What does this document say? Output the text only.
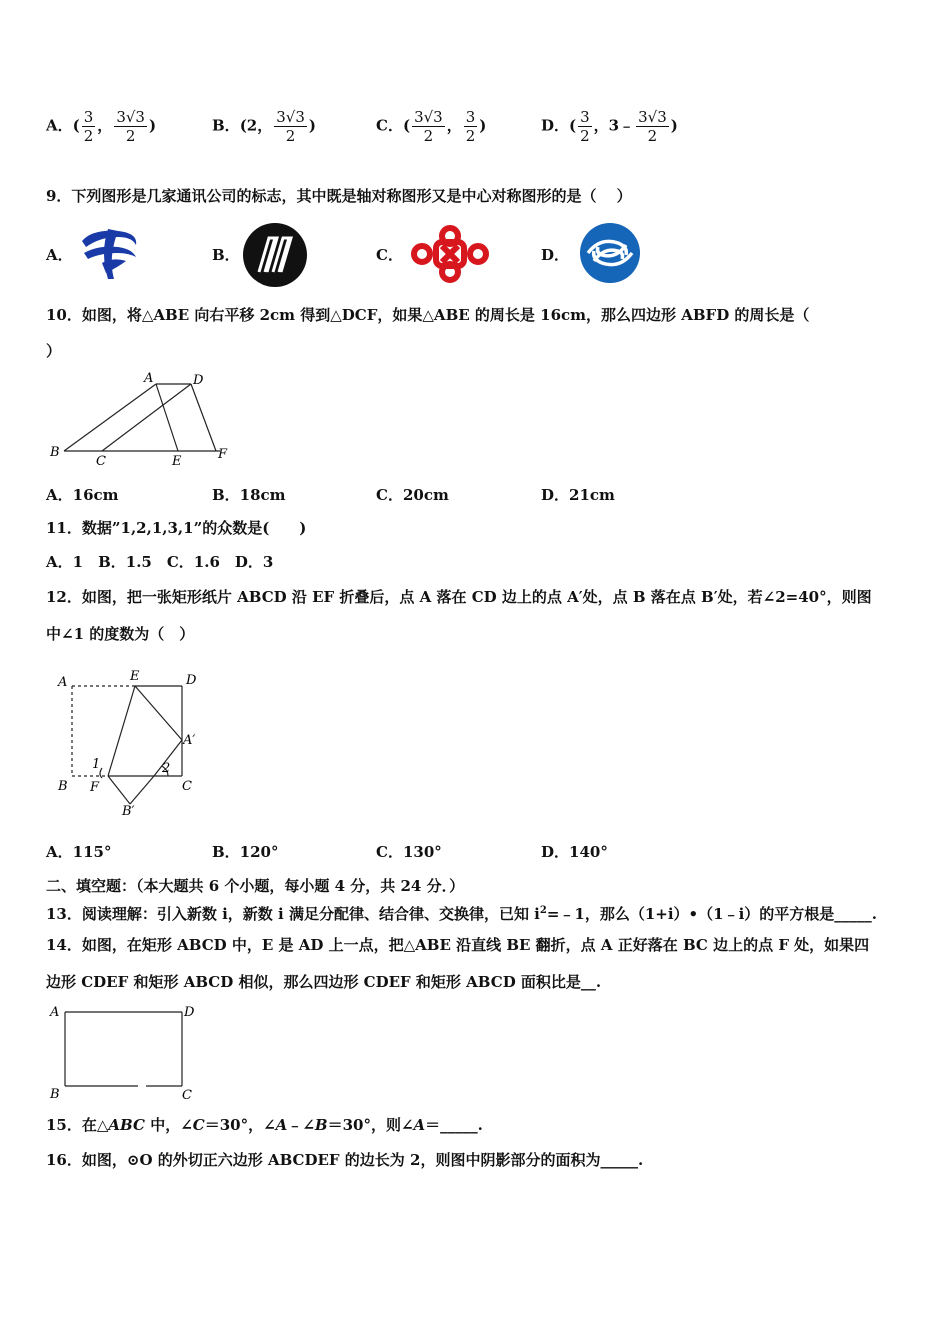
A．( $\frac{3}{2}$ ， $\frac{3√3}{2}$ )	B．(2， $\frac{3√3}{2}$ )	C．( $\frac{3√3}{2}$ ， $\frac{3}{2}$ )	D．( $\frac{3}{2}$ ，3﹣ $\frac{3√3}{2}$ )
9．下列图形是几家通讯公司的标志，其中既是轴对称图形又是中心对称图形的是（　 ）
A．	B．	C．	D．
10．如图，将△ABE 向右平移 2cm 得到△DCF，如果△ABE 的周长是 16cm，那么四边形 ABFD 的周长是（
）
A	D
B
C	E	F
A．16cm	B．18cm	C．20cm	D．21cm
11．数据”1,2,1,3,1”的众数是(　　)
A．1　B．1.5　C．1.6　D．3
12．如图，把一张矩形纸片 ABCD 沿 EF 折叠后，点 A 落在 CD 边上的点 A′处，点 B 落在点 B′处，若∠2=40°，则图
中∠1 的度数为（　）
A	E	D
A′
1	2
B F	C
B′
A．115°	B．120°	C．130°	D．140°
二、填空题：（本大题共 6 个小题，每小题 4 分，共 24 分．）
13．阅读理解：引入新数 i，新数 i 满足分配律、结合律、交换律，已知 $i^2=﹣1$，那么（1+i）•（1﹣i）的平方根是_____.
14．如图，在矩形 ABCD 中，E 是 AD 上一点，把△ABE 沿直线 BE 翻折，点 A 正好落在 BC 边上的点 F 处，如果四
边形 CDEF 和矩形 ABCD 相似，那么四边形 CDEF 和矩形 ABCD 面积比是__.
A	D
B	C
15．在△ABC 中，∠C＝30°，∠A﹣∠B＝30°，则∠A＝_____.
16．如图，⊙O 的外切正六边形 ABCDEF 的边长为 2，则图中阴影部分的面积为_____.
